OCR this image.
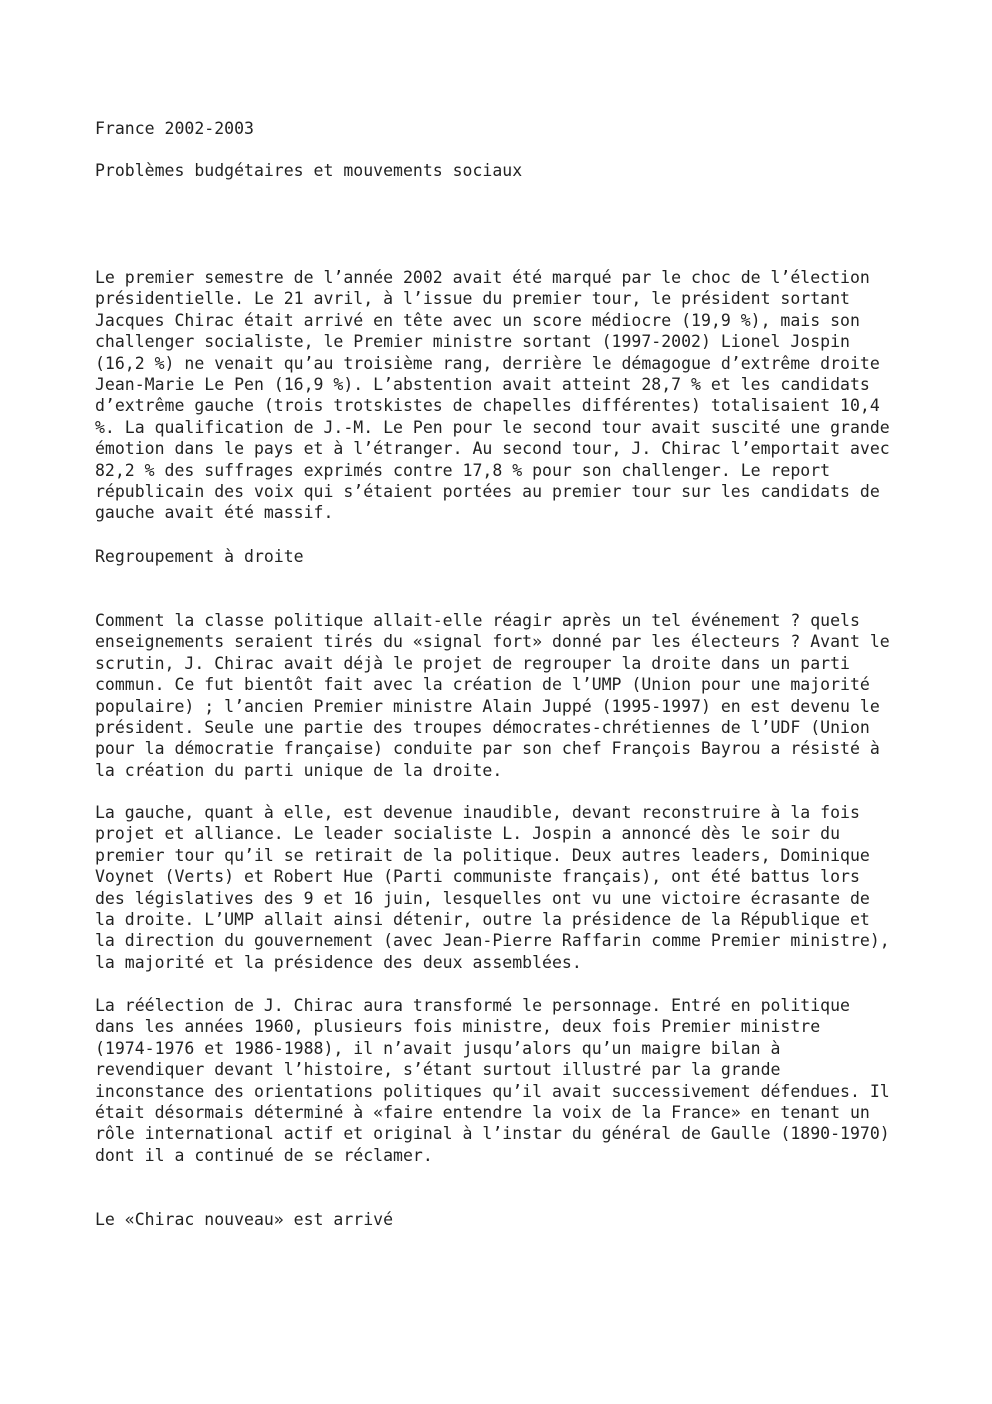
France 2002-2003

Problèmes budgétaires et mouvements sociaux

Le premier semestre de l’année 2002 avait été marqué par le choc de l’élection
présidentielle. Le 21 avril, à l’issue du premier tour, le président sortant
Jacques Chirac était arrivé en tête avec un score médiocre (19,9 %), mais son
challenger socialiste, le Premier ministre sortant (1997-2002) Lionel Jospin
(16,2 %) ne venait qu’au troisième rang, derrière le démagogue d’extrême droite
Jean-Marie Le Pen (16,9 %). L’abstention avait atteint 28,7 % et les candidats
d’extrême gauche (trois trotskistes de chapelles différentes) totalisaient 10,4
%. La qualification de J.-M. Le Pen pour le second tour avait suscité une grande
émotion dans le pays et à l’étranger. Au second tour, J. Chirac l’emportait avec
82,2 % des suffrages exprimés contre 17,8 % pour son challenger. Le report
républicain des voix qui s’étaient portées au premier tour sur les candidats de
gauche avait été massif.

Regroupement à droite

Comment la classe politique allait-elle réagir après un tel événement ? quels
enseignements seraient tirés du «signal fort» donné par les électeurs ? Avant le
scrutin, J. Chirac avait déjà le projet de regrouper la droite dans un parti
commun. Ce fut bientôt fait avec la création de l’UMP (Union pour une majorité
populaire) ; l’ancien Premier ministre Alain Juppé (1995-1997) en est devenu le
président. Seule une partie des troupes démocrates-chrétiennes de l’UDF (Union
pour la démocratie française) conduite par son chef François Bayrou a résisté à
la création du parti unique de la droite.

La gauche, quant à elle, est devenue inaudible, devant reconstruire à la fois
projet et alliance. Le leader socialiste L. Jospin a annoncé dès le soir du
premier tour qu’il se retirait de la politique. Deux autres leaders, Dominique
Voynet (Verts) et Robert Hue (Parti communiste français), ont été battus lors
des législatives des 9 et 16 juin, lesquelles ont vu une victoire écrasante de
la droite. L’UMP allait ainsi détenir, outre la présidence de la République et
la direction du gouvernement (avec Jean-Pierre Raffarin comme Premier ministre),
la majorité et la présidence des deux assemblées.

La réélection de J. Chirac aura transformé le personnage. Entré en politique
dans les années 1960, plusieurs fois ministre, deux fois Premier ministre
(1974-1976 et 1986-1988), il n’avait jusqu’alors qu’un maigre bilan à
revendiquer devant l’histoire, s’étant surtout illustré par la grande
inconstance des orientations politiques qu’il avait successivement défendues. Il
était désormais déterminé à «faire entendre la voix de la France» en tenant un
rôle international actif et original à l’instar du général de Gaulle (1890-1970)
dont il a continué de se réclamer.

Le «Chirac nouveau» est arrivé
